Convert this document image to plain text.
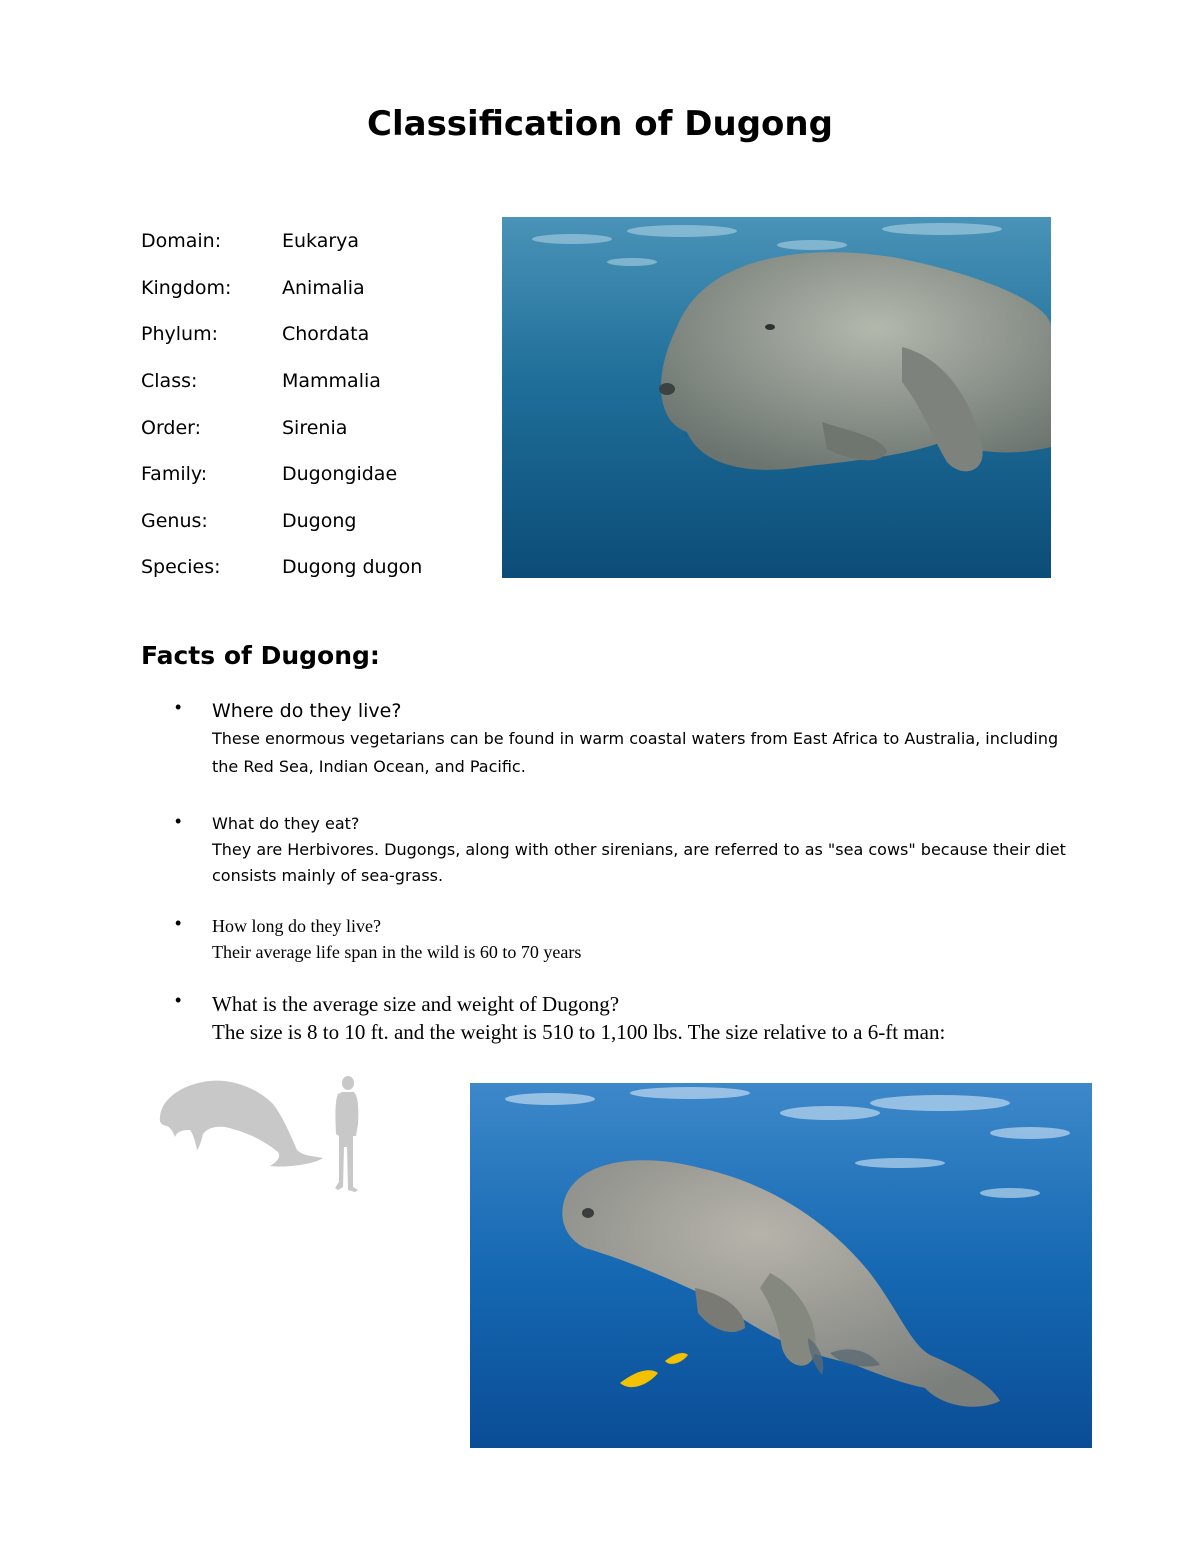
Classification of Dugong
Domain:	Eukarya
Kingdom:	Animalia
Phylum:	Chordata
Class:	Mammalia
Order:	Sirenia
Family:	Dugongidae
Genus:	Dugong
Species:	Dugong dugon
Facts of Dugong:
• Where do they live?
These enormous vegetarians can be found in warm coastal waters from East Africa to Australia, including the Red Sea, Indian Ocean, and Pacific.
• What do they eat?
They are Herbivores. Dugongs, along with other sirenians, are referred to as "sea cows" because their diet consists mainly of sea-grass.
• How long do they live?
Their average life span in the wild is 60 to 70 years
• What is the average size and weight of Dugong?
The size is 8 to 10 ft. and the weight is 510 to 1,100 lbs. The size relative to a 6-ft man:
